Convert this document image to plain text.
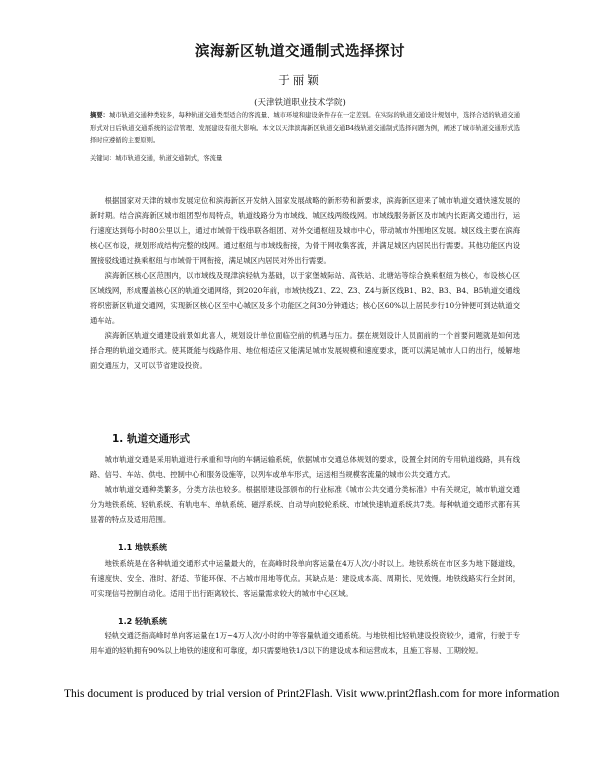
滨海新区轨道交通制式选择探讨
于丽颖
(天津铁道职业技术学院)
摘要：城市轨道交通种类较多，每种轨道交通类型适合的客流量、城市环境和建设条件存在一定差别。在实际的轨道交通设计规划中，选择合适的轨道交通形式对日后轨道交通系统的运营管理、发展建设有很大影响。本文以天津滨海新区轨道交通B4线轨道交通制式选择问题为例，阐述了城市轨道交通形式选择时应遵循的主要原则。
关键词：城市轨道交通，轨道交通制式，客流量

根据国家对天津的城市发展定位和滨海新区开发纳入国家发展战略的新形势和新要求，滨海新区迎来了城市轨道交通快速发展的新时期。结合滨海新区城市组团型布局特点，轨道线路分为市域线、城区线两级线网。市域线服务新区及市域内长距离交通出行，运行速度达到每小时80公里以上，通过市域骨干线串联各组团、对外交通枢纽及城市中心，带动城市外围地区发展。城区线主要在滨海核心区布设，规划形成结构完整的线网。通过枢纽与市域线衔接，为骨干网收集客流，并满足城区内居民出行需要。其他功能区内设置接驳线通过换乘枢纽与市域骨干网衔接，满足城区内居民对外出行需要。

滨海新区核心区范围内，以市域线及现津滨轻轨为基础，以于家堡城际站、高铁站、北塘站等综合换乘枢纽为核心，布设核心区区域线网，形成覆盖核心区的轨道交通网络，到2020年前，市域快线Z1、Z2、Z3、Z4与新区线B1、B2、B3、B4、B5轨道交通线将织密新区轨道交通网，实现新区核心区至中心城区及多个功能区之间30分钟通达；核心区60%以上居民步行10分钟便可到达轨道交通车站。

滨海新区轨道交通建设前景如此喜人，规划设计单位面临空前的机遇与压力。摆在规划设计人员面前的一个首要问题就是如何选择合理的轨道交通形式。使其既能与线路作用、地位相适应又能满足城市发展规模和速度要求，既可以满足城市人口的出行，缓解地面交通压力，又可以节省建设投资。

1. 轨道交通形式

城市轨道交通是采用轨道进行承重和导向的车辆运输系统，依据城市交通总体规划的要求，设置全封闭的专用轨道线路，具有线路、信号、车站、供电、控制中心和服务设施等，以列车或单车形式，运送相当规模客流量的城市公共交通方式。

城市轨道交通种类繁多，分类方法也较多。根据原建设部颁布的行业标准《城市公共交通分类标准》中有关规定，城市轨道交通分为地铁系统、轻轨系统、有轨电车、单轨系统、磁浮系统、自动导向胶轮系统、市域快速轨道系统共7类。每种轨道交通形式都有其显著的特点及适用范围。

1.1 地铁系统

地铁系统是在各种轨道交通形式中运量最大的，在高峰时段单向客运量在4万人次/小时以上。地铁系统在市区多为地下隧道线，有速度快、安全、准时、舒适、节能环保、不占城市用地等优点。其缺点是：建设成本高、周期长、见效慢。地铁线路实行全封闭，可实现信号控制自动化。适用于出行距离较长、客运量需求较大的城市中心区域。

1.2 轻轨系统

轻轨交通泛指高峰时单向客运量在1万~4万人次/小时的中等容量轨道交通系统。与地铁相比轻轨建设投资较少，通常，行驶于专用车道的轻轨拥有90%以上地铁的速度和可靠度，却只需要地铁1/3以下的建设成本和运营成本，且施工容易、工期较短。

This document is produced by trial version of Print2Flash. Visit www.print2flash.com for more information
